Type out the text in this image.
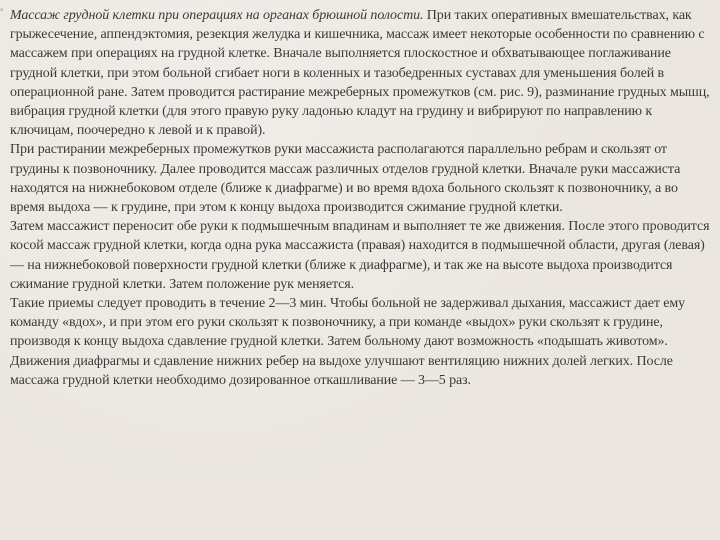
▫ Массаж грудной клетки при операциях на органах брюшной полости. При таких оперативных вмешательствах, как грыжесечение, аппендэктомия, резекция желудка и кишечника, массаж имеет некоторые особенности по сравнению с массажем при операциях на грудной клетке. Вначале выполняется плоскостное и обхватывающее поглаживание грудной клетки, при этом больной сгибает ноги в коленных и тазобедренных суставах для уменьшения болей в операционной ране. Затем проводится растирание межреберных промежутков (см. рис. 9), разминание грудных мышц, вибрация грудной клетки (для этого правую руку ладонью кладут на грудину и вибрируют по направлению к ключицам, поочередно к левой и к правой).

При растирании межреберных промежутков руки массажиста располагаются параллельно ребрам и скользят от грудины к позвоночнику. Далее проводится массаж различных отделов грудной клетки. Вначале руки массажиста находятся на нижнебоковом отделе (ближе к диафрагме) и во время вдоха больного скользят к позвоночнику, а во время выдоха — к грудине, при этом к концу выдоха производится сжимание грудной клетки.

Затем массажист переносит обе руки к подмышечным впадинам и выполняет те же движения. После этого проводится косой массаж грудной клетки, когда одна рука массажиста (правая) находится в подмышечной области, другая (левая) — на нижнебоковой поверхности грудной клетки (ближе к диафрагме), и так же на высоте выдоха производится сжимание грудной клетки. Затем положение рук меняется.

Такие приемы следует проводить в течение 2—3 мин. Чтобы больной не задерживал дыхания, массажист дает ему команду «вдох», и при этом его руки скользят к позвоночнику, а при команде «выдох» руки скользят к грудине, производя к концу выдоха сдавление грудной клетки. Затем больному дают возможность «подышать животом». Движения диафрагмы и сдавление нижних ребер на выдохе улучшают вентиляцию нижних долей легких. После массажа грудной клетки необходимо дозированное откашливание — 3—5 раз.
